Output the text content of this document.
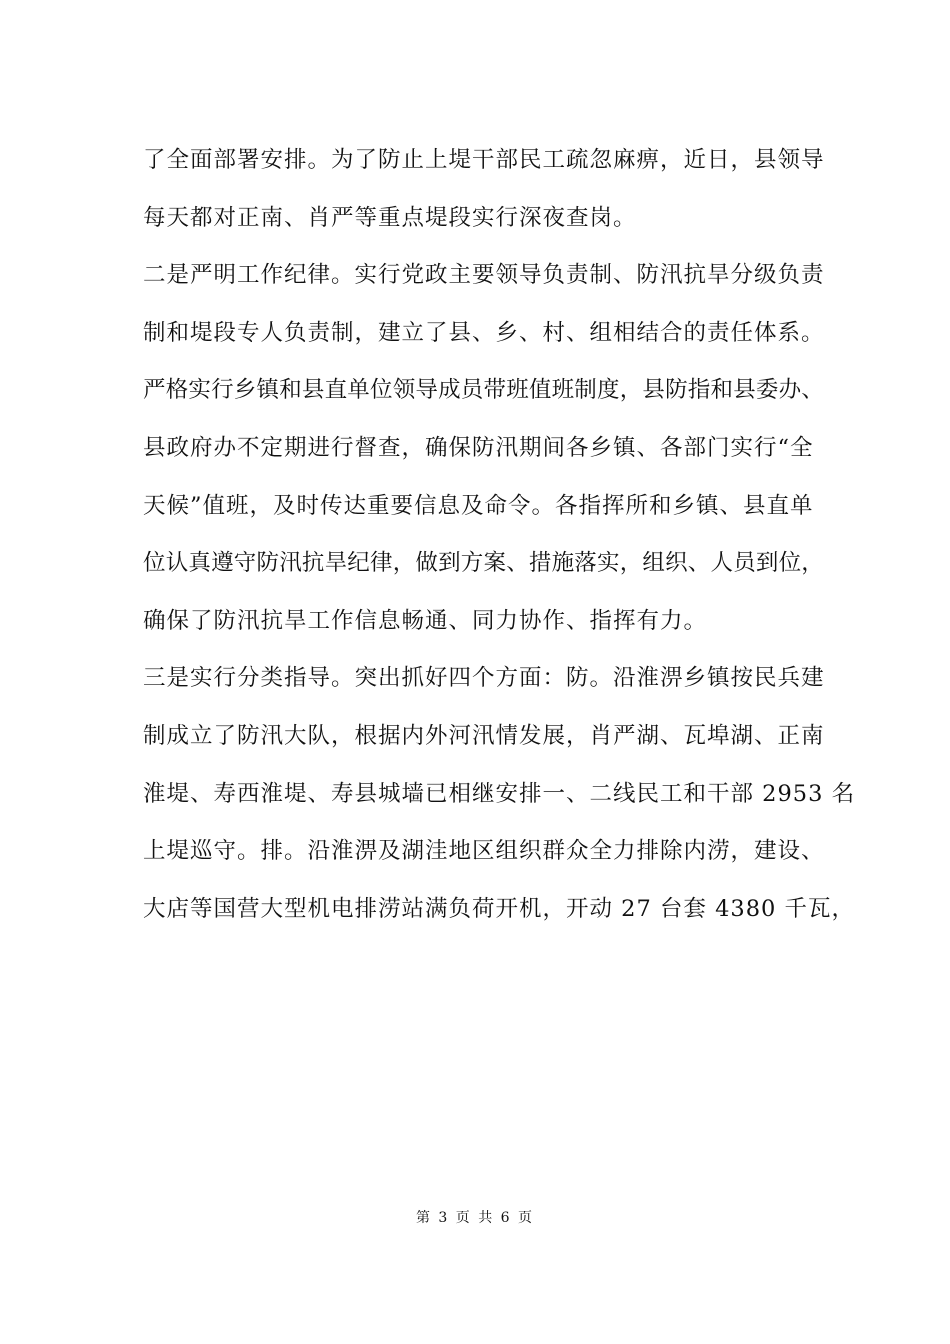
了全面部署安排。为了防止上堤干部民工疏忽麻痹，近日，县领导
每天都对正南、肖严等重点堤段实行深夜查岗。
二是严明工作纪律。实行党政主要领导负责制、防汛抗旱分级负责
制和堤段专人负责制，建立了县、乡、村、组相结合的责任体系。
严格实行乡镇和县直单位领导成员带班值班制度，县防指和县委办、
县政府办不定期进行督查，确保防汛期间各乡镇、各部门实行“全
天候”值班，及时传达重要信息及命令。各指挥所和乡镇、县直单
位认真遵守防汛抗旱纪律，做到方案、措施落实，组织、人员到位，
确保了防汛抗旱工作信息畅通、同力协作、指挥有力。
三是实行分类指导。突出抓好四个方面：防。沿淮淠乡镇按民兵建
制成立了防汛大队，根据内外河汛情发展，肖严湖、瓦埠湖、正南
淮堤、寿西淮堤、寿县城墙已相继安排一、二线民工和干部 2953 名
上堤巡守。排。沿淮淠及湖洼地区组织群众全力排除内涝，建设、
大店等国营大型机电排涝站满负荷开机，开动 27 台套 4380 千瓦，
第 3 页 共 6 页
